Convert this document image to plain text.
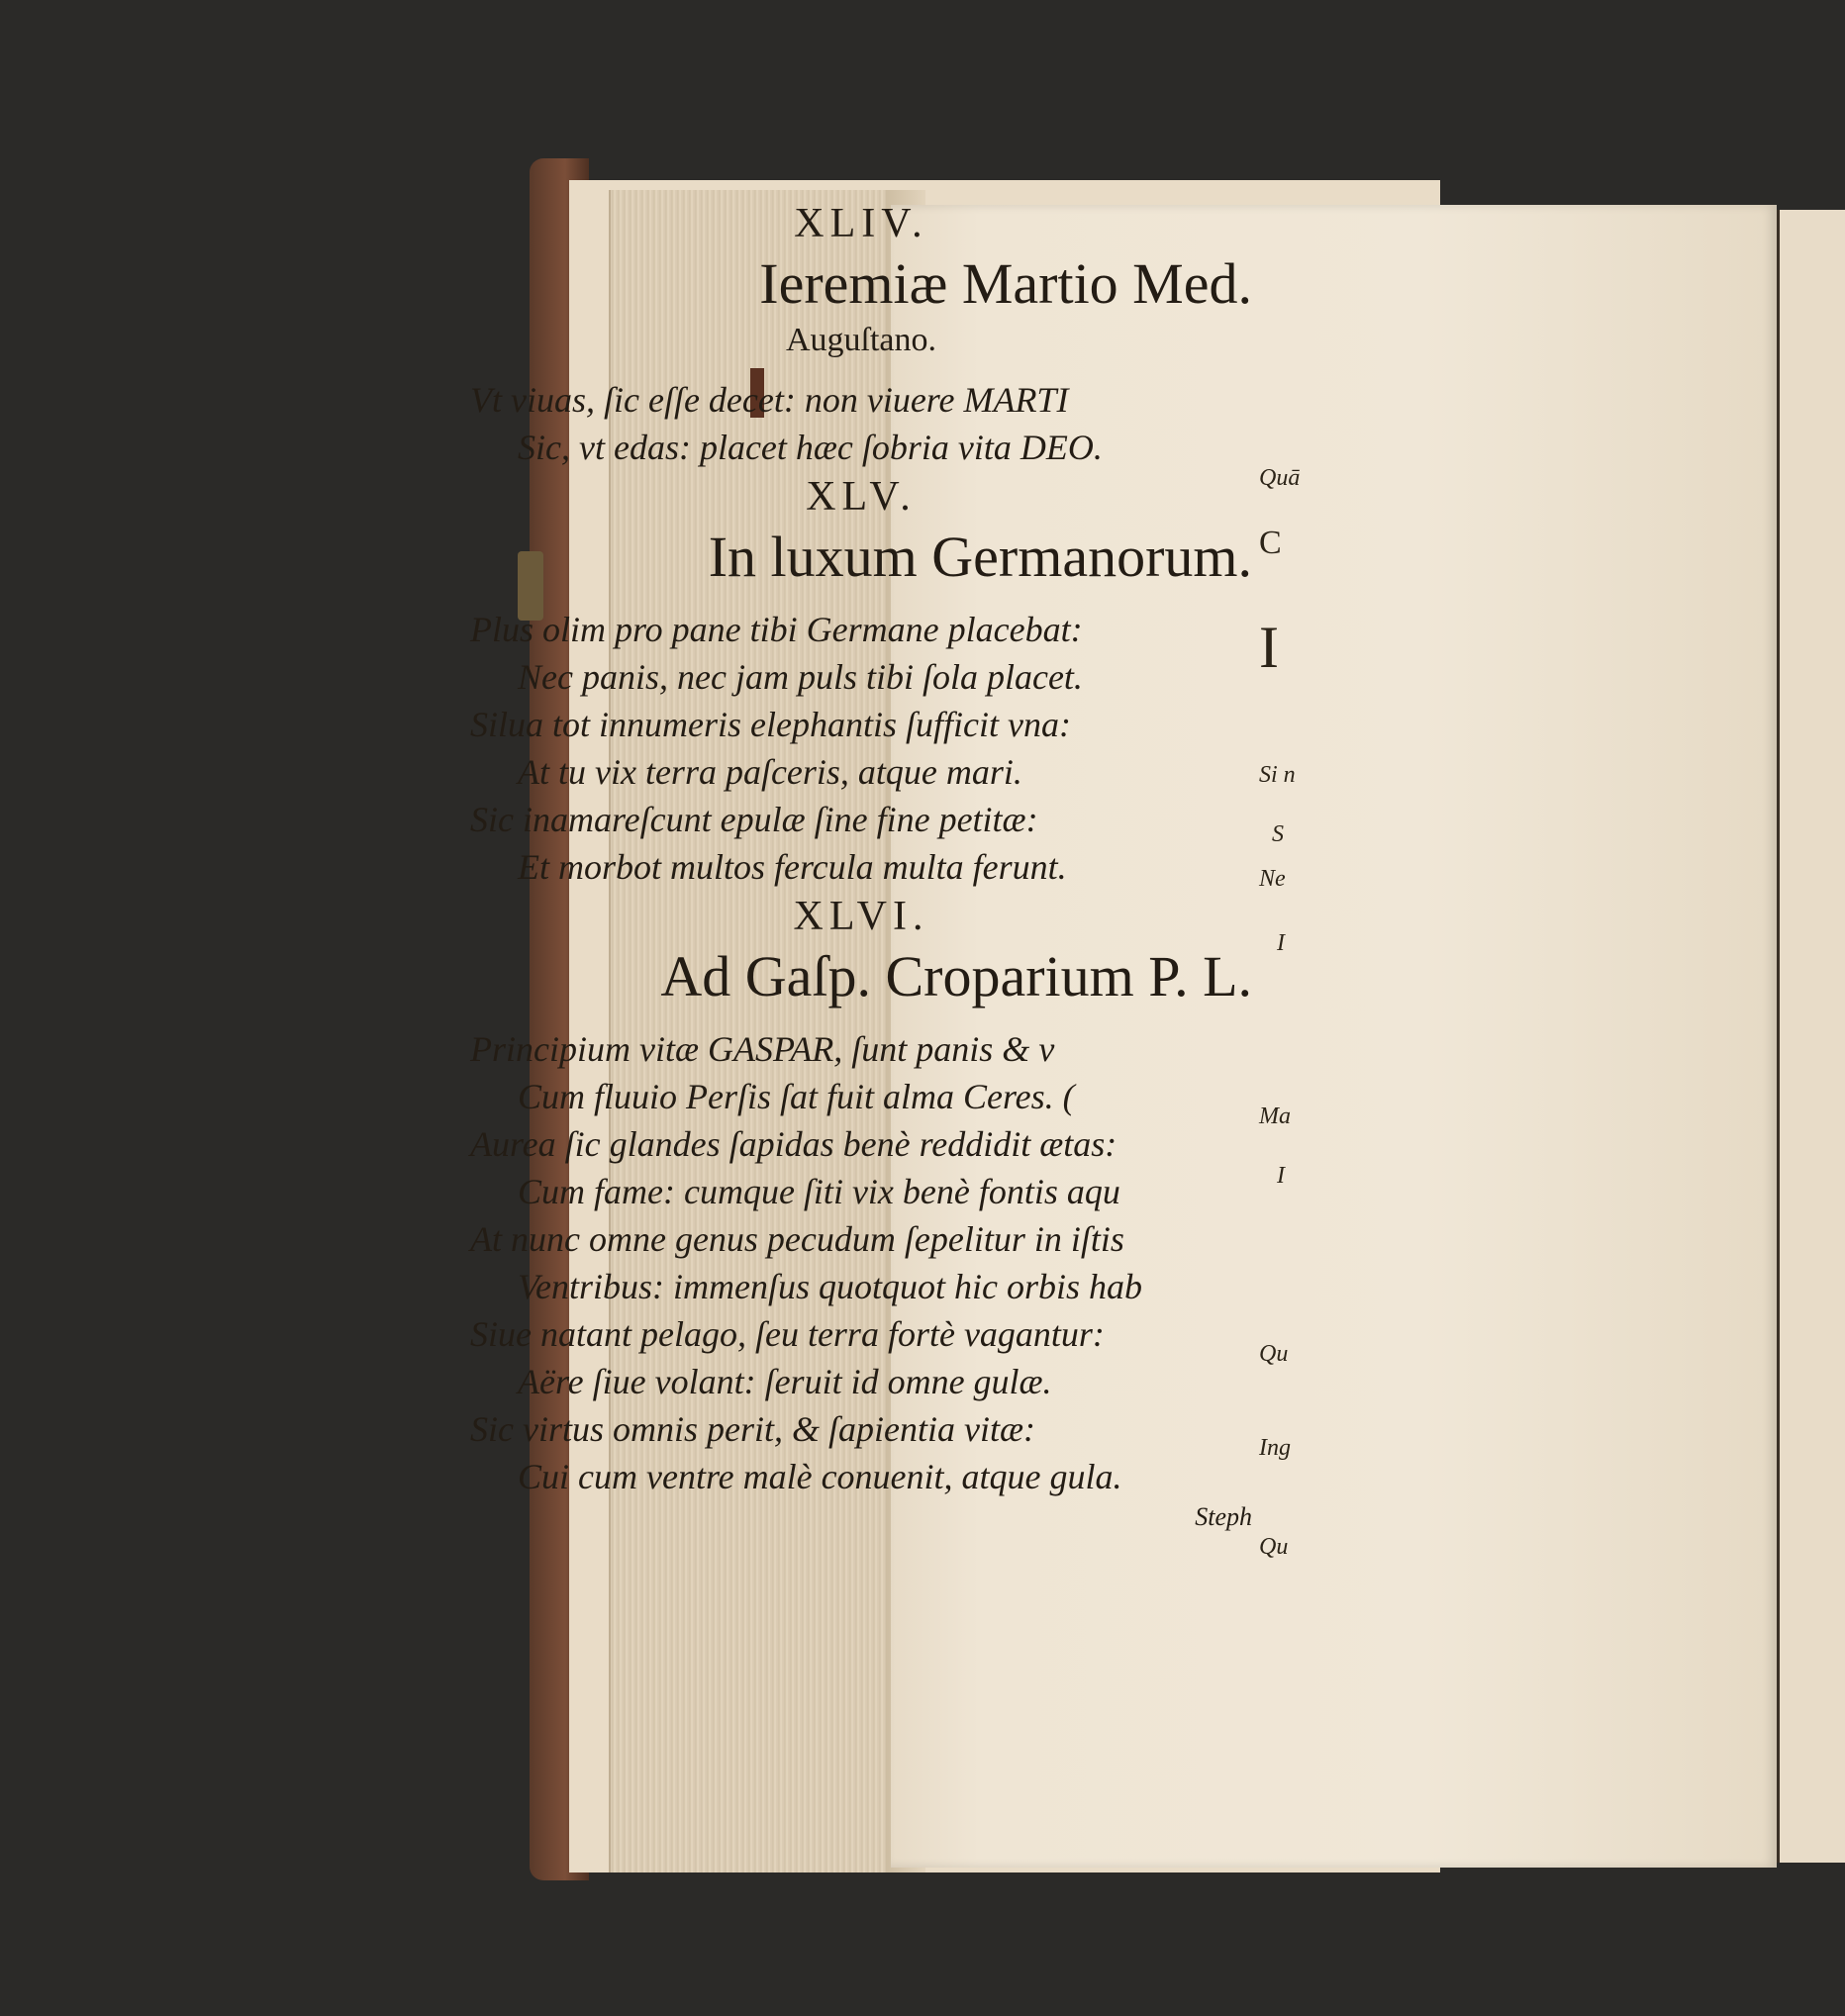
Quā
C
I
Si n
S
Ne
I
Ma
I
Qu
Ing
Qu

XLIV.

Ieremiæ Martio Med.

Auguſtano.

Vt viuas, ſic eſſe decet: non viuere MARTI
Sic, vt edas: placet hæc ſobria vita DEO.

XLV.

In luxum Germanorum.

Plus olim pro pane tibi Germane placebat:
Nec panis, nec jam puls tibi ſola placet.
Silua tot innumeris elephantis ſufficit vna:
At tu vix terra paſceris, atque mari.
Sic inamareſcunt epulæ ſine fine petitæ:
Et morbot multos fercula multa ferunt.

XLVI.

Ad Gaſp. Croparium P. L.

Principium vitæ GASPAR, ſunt panis & v
Cum fluuio Perſis ſat fuit alma Ceres. (
Aurea ſic glandes ſapidas benè reddidit ætas:
Cum fame: cumque ſiti vix benè fontis aqu
At nunc omne genus pecudum ſepelitur in iſtis
Ventribus: immenſus quotquot hic orbis hab
Siue natant pelago, ſeu terra fortè vagantur:
Aëre ſiue volant: ſeruit id omne gulæ.
Sic virtus omnis perit, & ſapientia vitæ:
Cui cum ventre malè conuenit, atque gula.
Steph
